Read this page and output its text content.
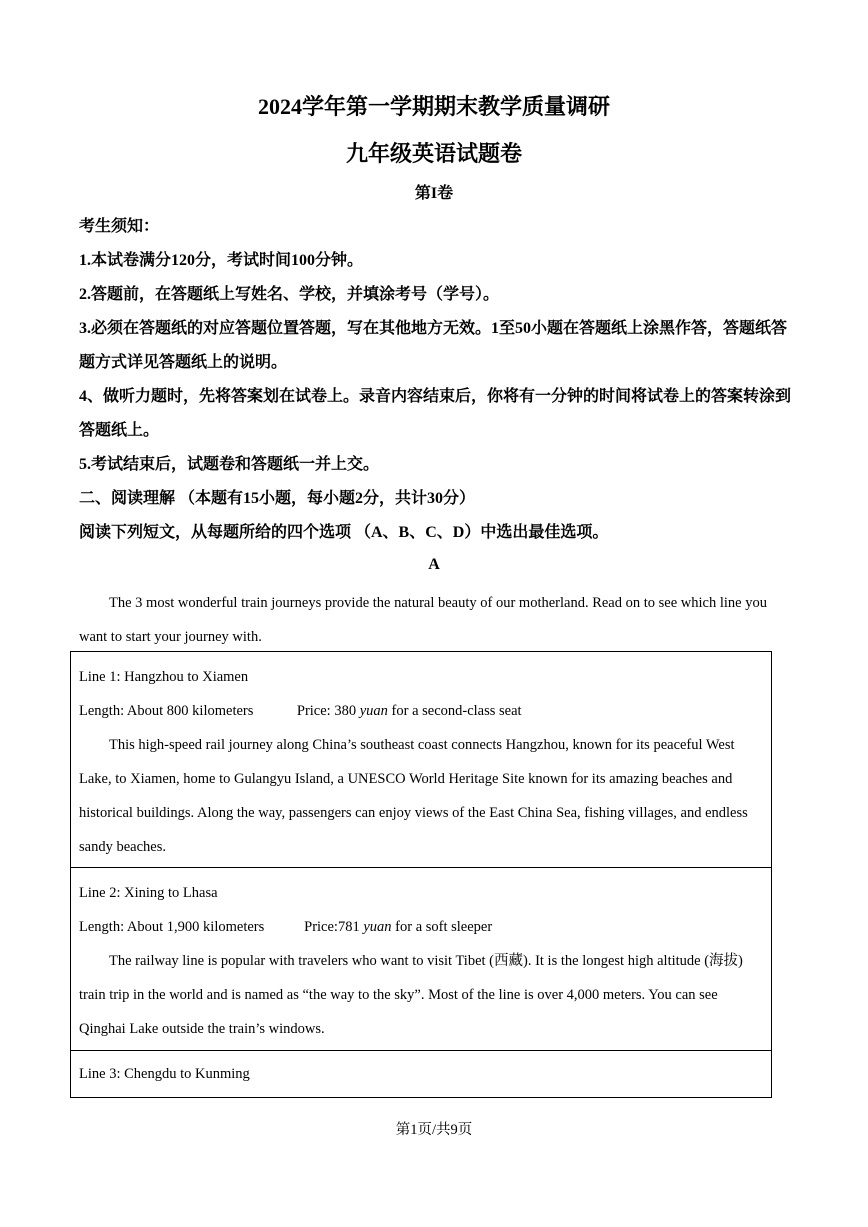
2024学年第一学期期末教学质量调研
九年级英语试题卷
第I卷
考生须知：
1.本试卷满分120分，考试时间100分钟。
2.答题前，在答题纸上写姓名、学校，并填涂考号（学号）。
3.必须在答题纸的对应答题位置答题，写在其他地方无效。1至50小题在答题纸上涂黑作答，答题纸答题方式详见答题纸上的说明。
4、做听力题时，先将答案划在试卷上。录音内容结束后，你将有一分钟的时间将试卷上的答案转涂到答题纸上。
5.考试结束后，试题卷和答题纸一并上交。
二、阅读理解 （本题有15小题，每小题2分，共计30分）
阅读下列短文，从每题所给的四个选项 （A、B、C、D）中选出最佳选项。
A
The 3 most wonderful train journeys provide the natural beauty of our motherland. Read on to see which line you want to start your journey with.
Line 1: Hangzhou to Xiamen
Length: About 800 kilometers	Price: 380 yuan for a second-class seat
This high-speed rail journey along China’s southeast coast connects Hangzhou, known for its peaceful West Lake, to Xiamen, home to Gulangyu Island, a UNESCO World Heritage Site known for its amazing beaches and historical buildings. Along the way, passengers can enjoy views of the East China Sea, fishing villages, and endless sandy beaches.
Line 2: Xining to Lhasa
Length: About 1,900 kilometers	Price:781 yuan for a soft sleeper
The railway line is popular with travelers who want to visit Tibet (西藏). It is the longest high altitude (海拔) train trip in the world and is named as “the way to the sky”. Most of the line is over 4,000 meters. You can see Qinghai Lake outside the train’s windows.
Line 3: Chengdu to Kunming
第1页/共9页
